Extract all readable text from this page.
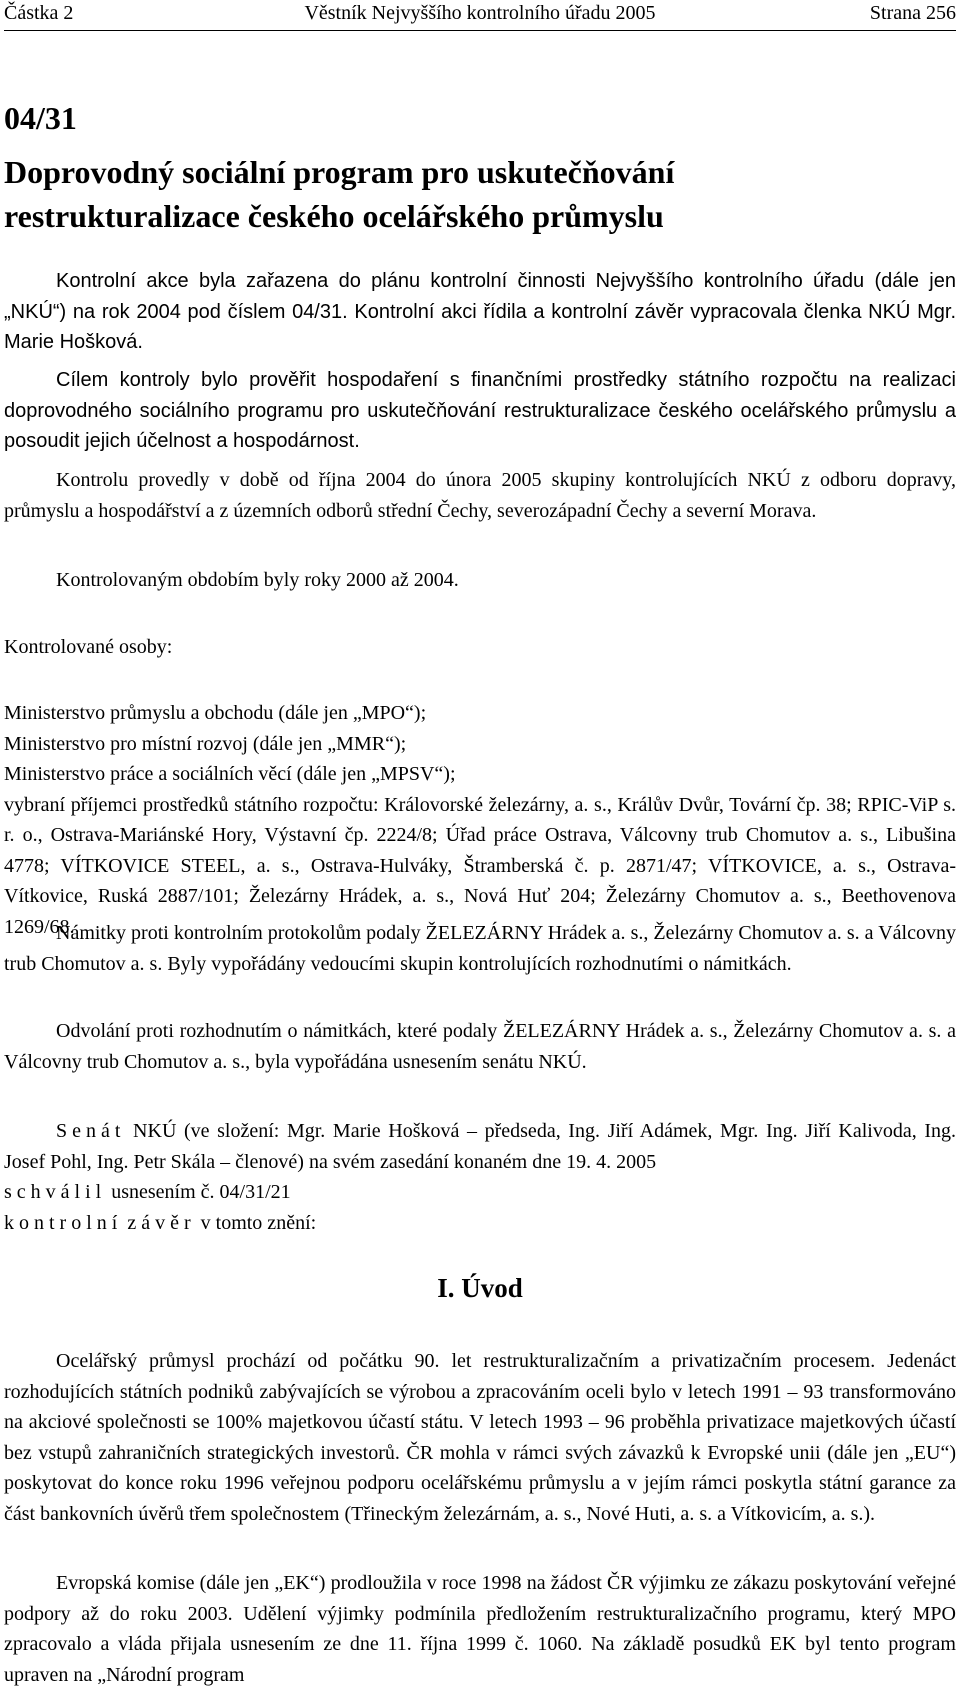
Částka 2	Věstník Nejvyššího kontrolního úřadu 2005	Strana 256
04/31
Doprovodný sociální program pro uskutečňování
restrukturalizace českého ocelářského průmyslu

Kontrolní akce byla zařazena do plánu kontrolní činnosti Nejvyššího kontrolního úřadu (dále jen „NKÚ“) na rok 2004 pod číslem 04/31. Kontrolní akci řídila a kontrolní závěr vypracovala členka NKÚ Mgr. Marie Hošková.

Cílem kontroly bylo prověřit hospodaření s finančními prostředky státního rozpočtu na realizaci doprovodného sociálního programu pro uskutečňování restrukturalizace českého ocelářského průmyslu a posoudit jejich účelnost a hospodárnost.

Kontrolu provedly v době od října 2004 do února 2005 skupiny kontrolujících NKÚ z odboru dopravy, průmyslu a hospodářství a z územních odborů střední Čechy, severozápadní Čechy a severní Morava.

Kontrolovaným obdobím byly roky 2000 až 2004.

Kontrolované osoby:

Ministerstvo průmyslu a obchodu (dále jen „MPO“);
Ministerstvo pro místní rozvoj (dále jen „MMR“);
Ministerstvo práce a sociálních věcí (dále jen „MPSV“);
vybraní příjemci prostředků státního rozpočtu: Královorské železárny, a. s., Králův Dvůr, Tovární čp. 38; RPIC-ViP s. r. o., Ostrava-Mariánské Hory, Výstavní čp. 2224/8; Úřad práce Ostrava, Válcovny trub Chomutov a. s., Libušina 4778; VÍTKOVICE STEEL, a. s., Ostrava-Hulváky, Štramberská č. p. 2871/47; VÍTKOVICE, a. s., Ostrava-Vítkovice, Ruská 2887/101; Železárny Hrádek, a. s., Nová Huť 204; Železárny Chomutov a. s., Beethovenova 1269/68.

Námitky proti kontrolním protokolům podaly ŽELEZÁRNY Hrádek a. s., Železárny Chomutov a. s. a Válcovny trub Chomutov a. s. Byly vypořádány vedoucími skupin kontrolujících rozhodnutími o námitkách.

Odvolání proti rozhodnutím o námitkách, které podaly ŽELEZÁRNY Hrádek a. s., Železárny Chomutov a. s. a Válcovny trub Chomutov a. s., byla vypořádána usnesením senátu NKÚ.

Senát NKÚ (ve složení: Mgr. Marie Hošková – předseda, Ing. Jiří Adámek, Mgr. Ing. Jiří Kalivoda, Ing. Josef Pohl, Ing. Petr Skála – členové) na svém zasedání konaném dne 19. 4. 2005

schválil usnesením č. 04/31/21

kontrolní závěr v tomto znění:

I. Úvod

Ocelářský průmysl prochází od počátku 90. let restrukturalizačním a privatizačním procesem. Jedenáct rozhodujících státních podniků zabývajících se výrobou a zpracováním oceli bylo v letech 1991 – 93 transformováno na akciové společnosti se 100% majetkovou účastí státu. V letech 1993 – 96 proběhla privatizace majetkových účastí bez vstupů zahraničních strategických investorů. ČR mohla v rámci svých závazků k Evropské unii (dále jen „EU“) poskytovat do konce roku 1996 veřejnou podporu ocelářskému průmyslu a v jejím rámci poskytla státní garance za část bankovních úvěrů třem společnostem (Třineckým železárnám, a. s., Nové Huti, a. s. a Vítkovicím, a. s.).

Evropská komise (dále jen „EK“) prodloužila v roce 1998 na žádost ČR výjimku ze zákazu poskytování veřejné podpory až do roku 2003. Udělení výjimky podmínila předložením restrukturalizačního programu, který MPO zpracovalo a vláda přijala usnesením ze dne 11. října 1999 č. 1060. Na základě posudků EK byl tento program upraven na „Národní program
